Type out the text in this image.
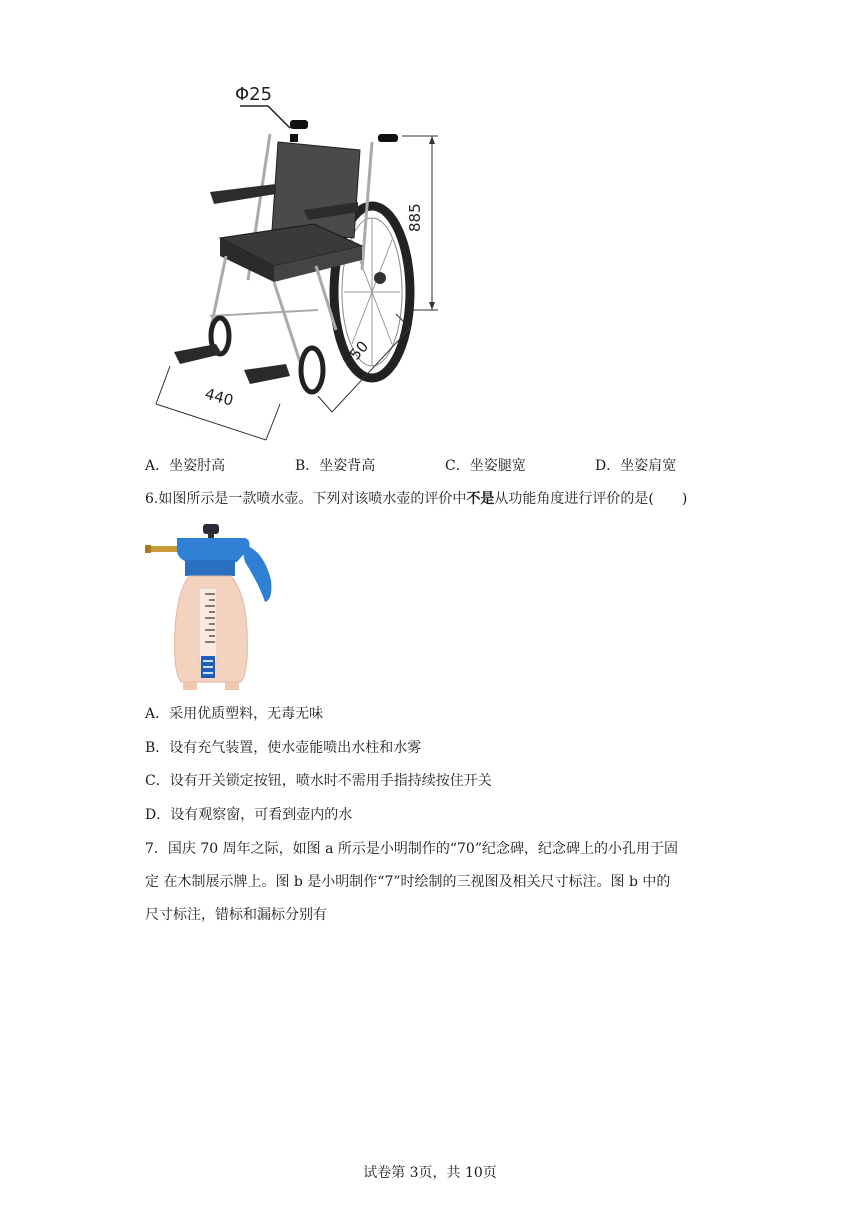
Φ25
885
440
550
A．坐姿肘高	B．坐姿背高	C．坐姿腿宽	D．坐姿肩宽
6.如图所示是一款喷水壶。下列对该喷水壶的评价中不是从功能角度进行评价的是(　　)
A．采用优质塑料，无毒无味
B．设有充气装置，使水壶能喷出水柱和水雾
C．设有开关锁定按钮，喷水时不需用手指持续按住开关
D．设有观察窗，可看到壶内的水
7．国庆 70 周年之际，如图 a 所示是小明制作的“70”纪念碑，纪念碑上的小孔用于固
定 在木制展示牌上。图 b 是小明制作“7”时绘制的三视图及相关尺寸标注。图 b 中的
尺寸标注，错标和漏标分别有
试卷第 3页，共 10页
